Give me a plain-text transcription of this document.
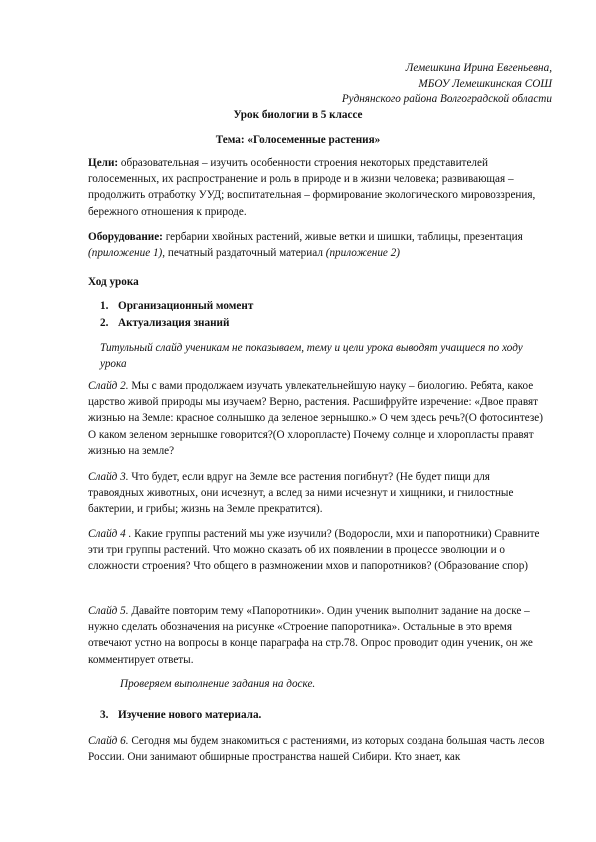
Лемешкина Ирина Евгеньевна,
МБОУ Лемешкинская СОШ
Руднянского района Волгоградской области
Урок биологии в 5 классе
Тема: «Голосеменные растения»

Цели: образовательная – изучить особенности строения некоторых представителей голосеменных, их распространение и роль в природе и в жизни человека; развивающая – продолжить отработку УУД; воспитательная – формирование экологического мировоззрения, бережного отношения к природе.

Оборудование: гербарии хвойных растений, живые ветки и шишки, таблицы, презентация (приложение 1), печатный раздаточный материал (приложение 2)

Ход урока
1. Организационный момент
2. Актуализация знаний

Титульный слайд ученикам не показываем, тему и цели урока выводят учащиеся по ходу урока

Слайд 2. Мы с вами продолжаем изучать увлекательнейшую науку – биологию. Ребята, какое царство живой природы мы изучаем? Верно, растения. Расшифруйте изречение: «Двое правят жизнью на Земле: красное солнышко да зеленое зернышко.» О чем здесь речь?(О фотосинтезе) О каком зеленом зернышке говорится?(О хлоропласте) Почему солнце и хлоропласты правят жизнью на земле?

Слайд 3. Что будет, если вдруг на Земле все растения погибнут? (Не будет пищи для травоядных животных, они исчезнут, а вслед за ними исчезнут и хищники, и гнилостные бактерии, и грибы; жизнь на Земле прекратится).

Слайд 4 . Какие группы растений мы уже изучили? (Водоросли, мхи и папоротники) Сравните эти три группы растений. Что можно сказать об их появлении в процессе эволюции и о сложности строения? Что общего в размножении мхов и папоротников? (Образование спор)

Слайд 5. Давайте повторим тему «Папоротники». Один ученик выполнит задание на доске – нужно сделать обозначения на рисунке «Строение папоротника». Остальные в это время отвечают устно на вопросы в конце параграфа на стр.78. Опрос проводит один ученик, он же комментирует ответы.

Проверяем выполнение задания на доске.
3. Изучение нового материала.

Слайд 6. Сегодня мы будем знакомиться с растениями, из которых создана большая часть лесов России. Они занимают обширные пространства нашей Сибири. Кто знает, как
